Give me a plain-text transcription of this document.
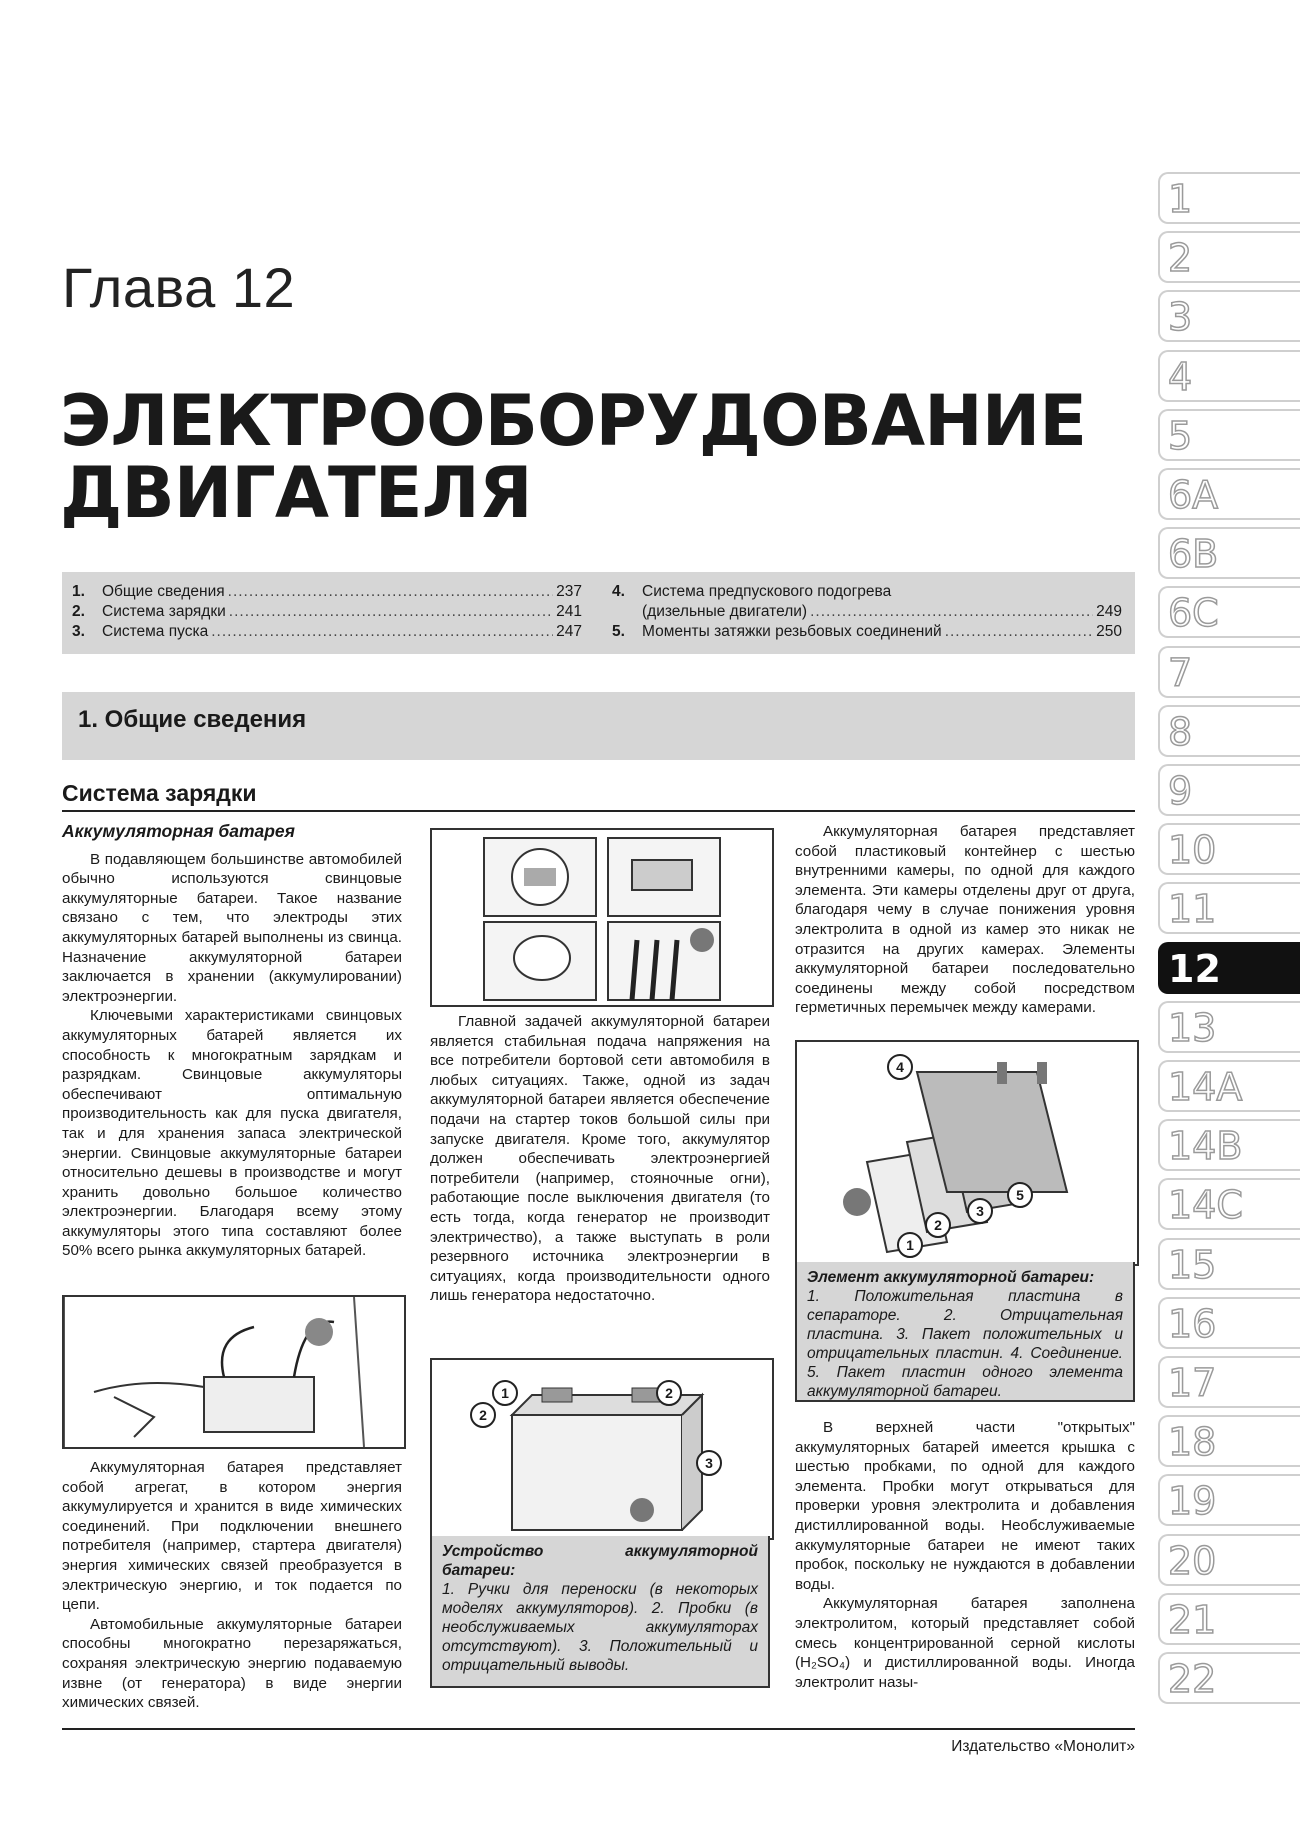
Глава 12
ЭЛЕКТРООБОРУДОВАНИЕ
ДВИГАТЕЛЯ
1.	Общие сведения .....	237
2.	Система зарядки .....	241
3.	Система пуска .....	247
4.	Система предпускового подогрева
(дизельные двигатели) .....	249
5.	Моменты затяжки резьбовых соединений .....	250
1. Общие сведения
Система зарядки

Аккумуляторная батарея

В подавляющем большинстве автомобилей обычно используются свинцовые аккумуляторные батареи. Такое название связано с тем, что электроды этих аккумуляторных батарей выполнены из свинца. Назначение аккумуляторной батареи заключается в хранении (аккумулировании) электроэнергии.

Ключевыми характеристиками свинцовых аккумуляторных батарей является их способность к многократным зарядкам и разрядкам. Свинцовые аккумуляторы обеспечивают оптимальную производительность как для пуска двигателя, так и для хранения запаса электрической энергии. Свинцовые аккумуляторные батареи относительно дешевы в производстве и могут хранить довольно большое количество электроэнергии. Благодаря всему этому аккумуляторы этого типа составляют более 50% всего рынка аккумуляторных батарей.

Аккумуляторная батарея представляет собой агрегат, в котором энергия аккумулируется и хранится в виде химических соединений. При подключении внешнего потребителя (например, стартера двигателя) энергия химических связей преобразуется в электрическую энергию, и ток подается по цепи.

Автомобильные аккумуляторные батареи способны многократно перезаряжаться, сохраняя электрическую энергию подаваемую извне (от генератора) в виде энергии химических связей.

Главной задачей аккумуляторной батареи является стабильная подача напряжения на все потребители бортовой сети автомобиля в любых ситуациях. Также, одной из задач аккумуляторной батареи является обеспечение подачи на стартер токов большой силы при запуске двигателя. Кроме того, аккумулятор должен обеспечивать электроэнергией потребители (например, стояночные огни), работающие после выключения двигателя (то есть тогда, когда генератор не производит электричество), а также выступать в роли резервного источника электроэнергии в ситуациях, когда производительности одного лишь генератора недостаточно.

1
2
2
3
Устройство аккумуляторной батареи:
1. Ручки для переноски (в некоторых моделях аккумуляторов). 2. Пробки (в необслуживаемых аккумуляторах отсутствуют). 3. Положительный и отрицательный выводы.

Аккумуляторная батарея представляет собой пластиковый контейнер с шестью внутренними камеры, по одной для каждого элемента. Эти камеры отделены друг от друга, благодаря чему в случае понижения уровня электролита в одной из камер это никак не отразится на других камерах. Элементы аккумуляторной батареи последовательно соединены между собой посредством герметичных перемычек между камерами.

4
1
2
3
5
Элемент аккумуляторной батареи:
1. Положительная пластина в сепараторе. 2. Отрицательная пластина. 3. Пакет положительных и отрицательных пластин. 4. Соединение. 5. Пакет пластин одного элемента аккумуляторной батареи.

В верхней части "открытых" аккумуляторных батарей имеется крышка с шестью пробками, по одной для каждого элемента. Пробки могут открываться для проверки уровня электролита и добавления дистиллированной воды. Необслуживаемые аккумуляторные батареи не имеют таких пробок, поскольку не нуждаются в добавлении воды.

Аккумуляторная батарея заполнена электролитом, который представляет собой смесь концентрированной серной кислоты (H₂SO₄) и дистиллированной воды. Иногда электролит назы-

Издательство «Монолит»
1
2
3
4
5
6A
6B
6C
7
8
9
10
11
12
13
14A
14B
14C
15
16
17
18
19
20
21
22
